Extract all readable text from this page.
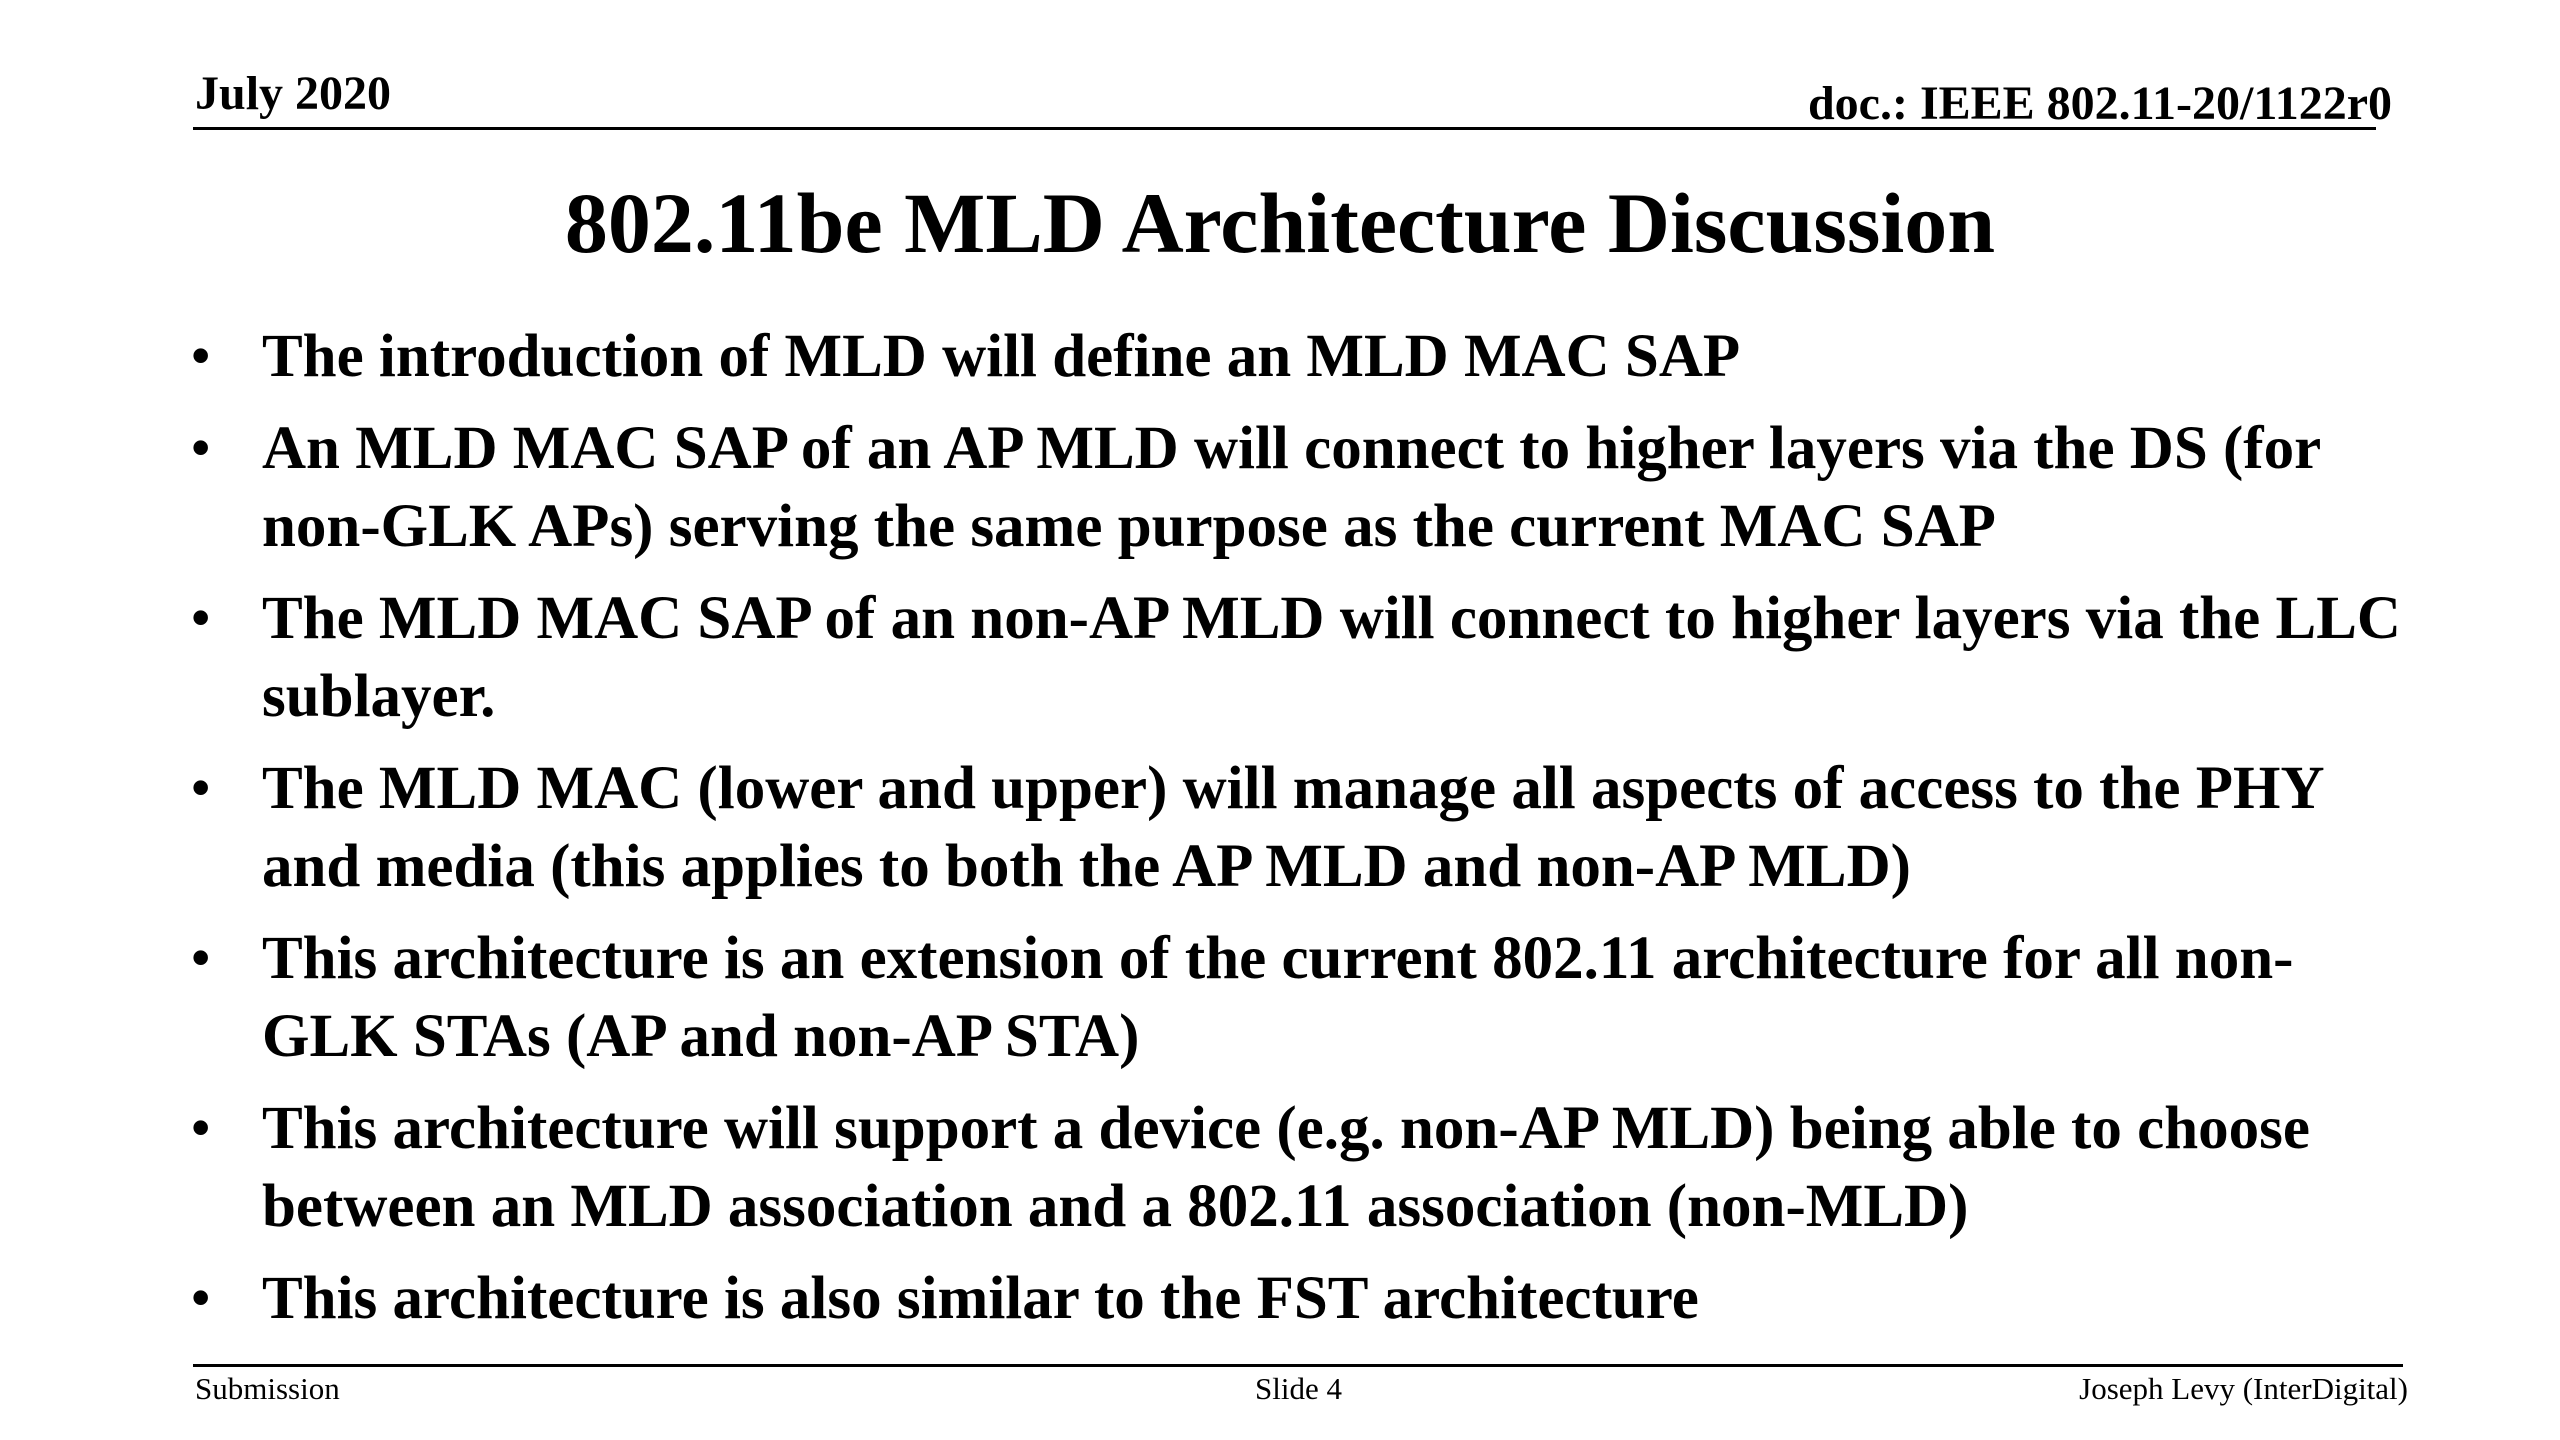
July 2020	doc.: IEEE 802.11-20/1122r0
802.11be MLD Architecture Discussion
• The introduction of MLD will define an MLD MAC SAP
• An MLD MAC SAP of an AP MLD will connect to higher layers via the DS (for non-GLK APs) serving the same purpose as the current MAC SAP
• The MLD MAC SAP of an non-AP MLD will connect to higher layers via the LLC sublayer.
• The MLD MAC (lower and upper) will manage all aspects of access to the PHY and media (this applies to both the AP MLD and non-AP MLD)
• This architecture is an extension of the current 802.11 architecture for all non-GLK STAs (AP and non-AP STA)
• This architecture will support a device (e.g. non-AP MLD) being able to choose between an MLD association and a 802.11 association (non-MLD)
• This architecture is also similar to the FST architecture
Submission	Slide 4	Joseph Levy (InterDigital)
